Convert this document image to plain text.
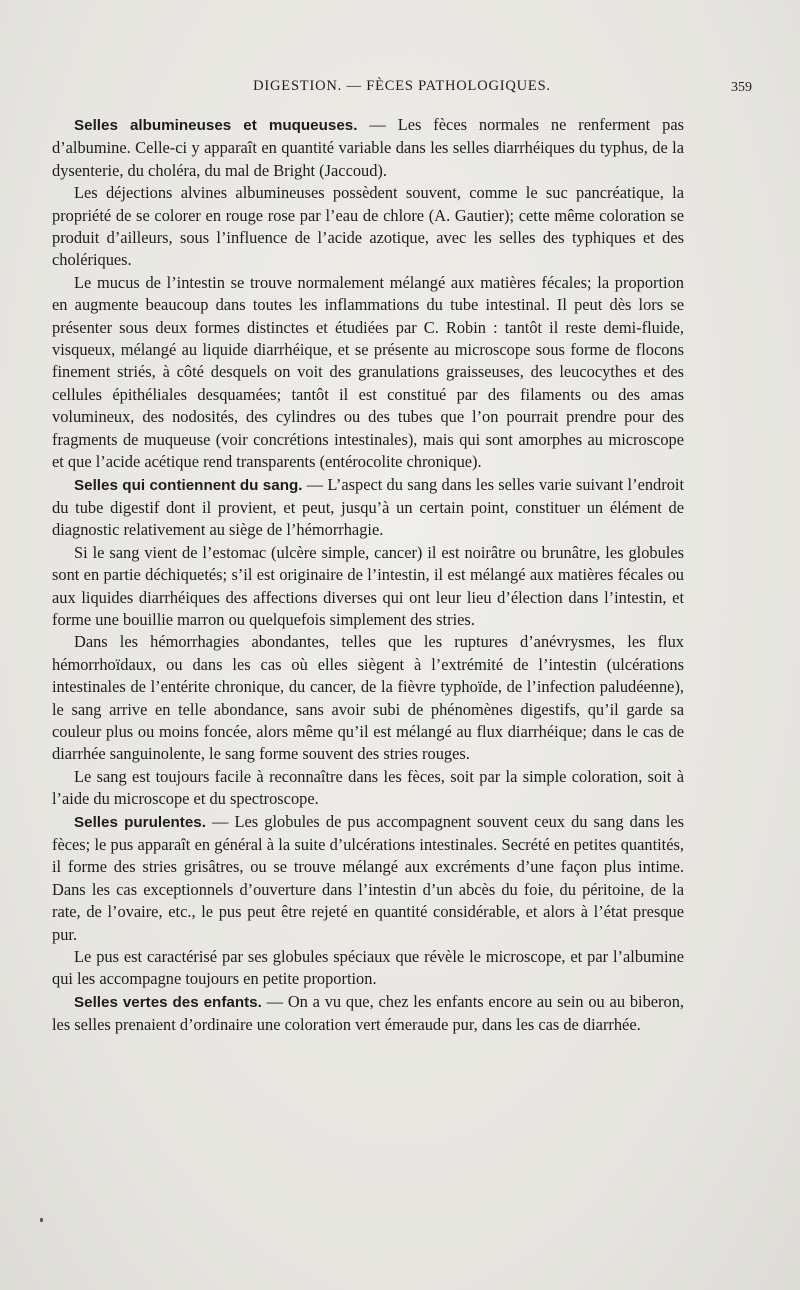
DIGESTION. — FÈCES PATHOLOGIQUES.	359

Selles albumineuses et muqueuses. — Les fèces normales ne renferment pas d’albumine. Celle-ci y apparaît en quantité variable dans les selles diarrhéiques du typhus, de la dysenterie, du choléra, du mal de Bright (Jaccoud).

Les déjections alvines albumineuses possèdent souvent, comme le suc pancréatique, la propriété de se colorer en rouge rose par l’eau de chlore (A. Gautier); cette même coloration se produit d’ailleurs, sous l’influence de l’acide azotique, avec les selles des typhiques et des cholériques.

Le mucus de l’intestin se trouve normalement mélangé aux matières fécales; la proportion en augmente beaucoup dans toutes les inflammations du tube intestinal. Il peut dès lors se présenter sous deux formes distinctes et étudiées par C. Robin : tantôt il reste demi-fluide, visqueux, mélangé au liquide diarrhéique, et se présente au microscope sous forme de flocons finement striés, à côté desquels on voit des granulations graisseuses, des leucocythes et des cellules épithéliales desquamées; tantôt il est constitué par des filaments ou des amas volumineux, des nodosités, des cylindres ou des tubes que l’on pourrait prendre pour des fragments de muqueuse (voir concrétions intestinales), mais qui sont amorphes au microscope et que l’acide acétique rend transparents (entérocolite chronique).

Selles qui contiennent du sang. — L’aspect du sang dans les selles varie suivant l’endroit du tube digestif dont il provient, et peut, jusqu’à un certain point, constituer un élément de diagnostic relativement au siège de l’hémorrhagie.

Si le sang vient de l’estomac (ulcère simple, cancer) il est noirâtre ou brunâtre, les globules sont en partie déchiquetés; s’il est originaire de l’intestin, il est mélangé aux matières fécales ou aux liquides diarrhéiques des affections diverses qui ont leur lieu d’élection dans l’intestin, et forme une bouillie marron ou quelquefois simplement des stries.

Dans les hémorrhagies abondantes, telles que les ruptures d’anévrysmes, les flux hémorrhoïdaux, ou dans les cas où elles siègent à l’extrémité de l’intestin (ulcérations intestinales de l’entérite chronique, du cancer, de la fièvre typhoïde, de l’infection paludéenne), le sang arrive en telle abondance, sans avoir subi de phénomènes digestifs, qu’il garde sa couleur plus ou moins foncée, alors même qu’il est mélangé au flux diarrhéique; dans le cas de diarrhée sanguinolente, le sang forme souvent des stries rouges.

Le sang est toujours facile à reconnaître dans les fèces, soit par la simple coloration, soit à l’aide du microscope et du spectroscope.

Selles purulentes. — Les globules de pus accompagnent souvent ceux du sang dans les fèces; le pus apparaît en général à la suite d’ulcérations intestinales. Secrété en petites quantités, il forme des stries grisâtres, ou se trouve mélangé aux excréments d’une façon plus intime. Dans les cas exceptionnels d’ouverture dans l’intestin d’un abcès du foie, du péritoine, de la rate, de l’ovaire, etc., le pus peut être rejeté en quantité considérable, et alors à l’état presque pur.

Le pus est caractérisé par ses globules spéciaux que révèle le microscope, et par l’albumine qui les accompagne toujours en petite proportion.

Selles vertes des enfants. — On a vu que, chez les enfants encore au sein ou au biberon, les selles prenaient d’ordinaire une coloration vert émeraude pur, dans les cas de diarrhée.
